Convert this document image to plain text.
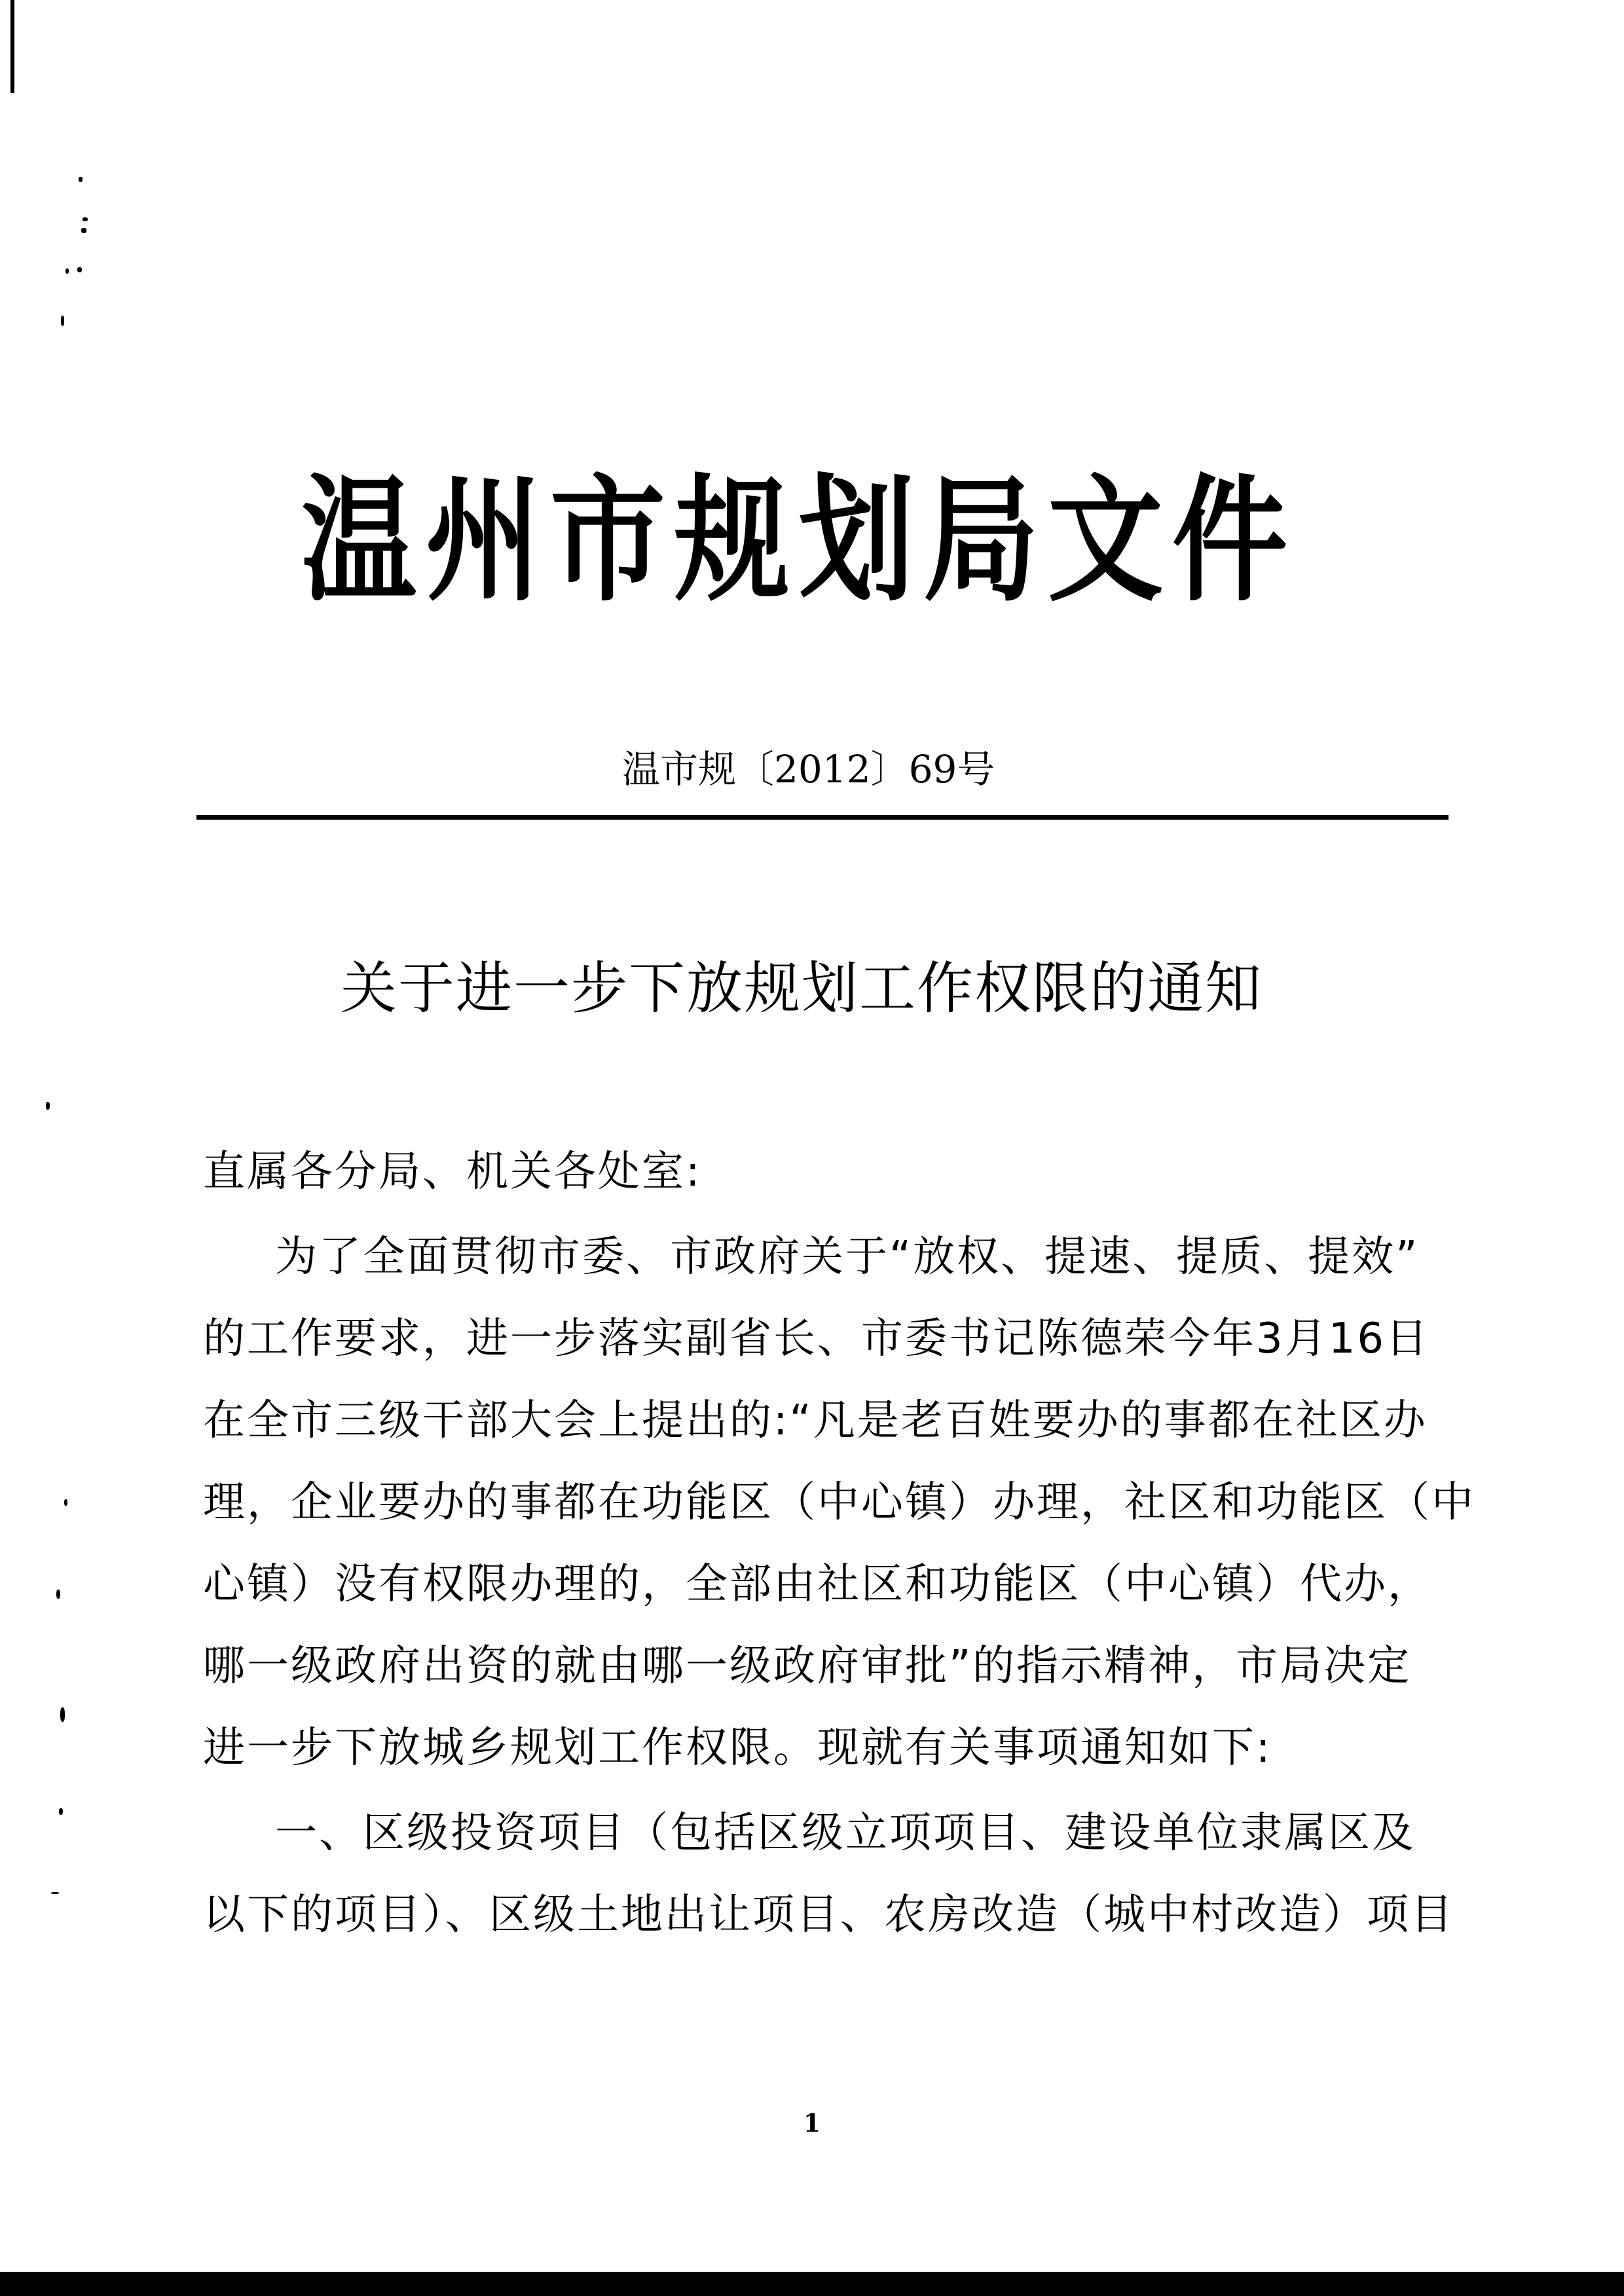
温州市规划局文件
温市规〔2012〕69号
关于进一步下放规划工作权限的通知
直属各分局、机关各处室:
为了全面贯彻市委、市政府关于“放权、提速、提质、提效”
的工作要求，进一步落实副省长、市委书记陈德荣今年3月16日
在全市三级干部大会上提出的:“凡是老百姓要办的事都在社区办
理，企业要办的事都在功能区（中心镇）办理，社区和功能区（中
心镇）没有权限办理的，全部由社区和功能区（中心镇）代办，
哪一级政府出资的就由哪一级政府审批”的指示精神，市局决定
进一步下放城乡规划工作权限。现就有关事项通知如下:
一、区级投资项目（包括区级立项项目、建设单位隶属区及
以下的项目）、区级土地出让项目、农房改造（城中村改造）项目
1
